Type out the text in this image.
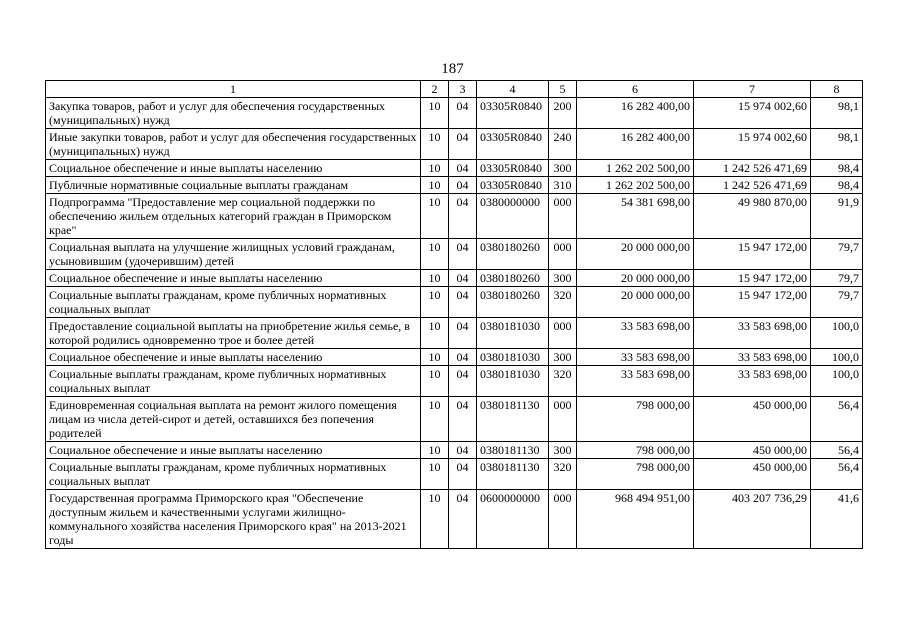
187
1	2	3	4	5	6	7	8
Закупка товаров, работ и услуг для обеспечения государственных (муниципальных) нужд	10	04	03305R0840	200	16 282 400,00	15 974 002,60	98,1
Иные закупки товаров, работ и услуг для обеспечения государственных (муниципальных) нужд	10	04	03305R0840	240	16 282 400,00	15 974 002,60	98,1
Социальное обеспечение и иные выплаты населению	10	04	03305R0840	300	1 262 202 500,00	1 242 526 471,69	98,4
Публичные нормативные социальные выплаты гражданам	10	04	03305R0840	310	1 262 202 500,00	1 242 526 471,69	98,4
Подпрограмма "Предоставление мер социальной поддержки по обеспечению жильем отдельных категорий граждан в Приморском крае"	10	04	0380000000	000	54 381 698,00	49 980 870,00	91,9
Социальная выплата на улучшение жилищных условий гражданам, усыновившим (удочерившим) детей	10	04	0380180260	000	20 000 000,00	15 947 172,00	79,7
Социальное обеспечение и иные выплаты населению	10	04	0380180260	300	20 000 000,00	15 947 172,00	79,7
Социальные выплаты гражданам, кроме публичных нормативных социальных выплат	10	04	0380180260	320	20 000 000,00	15 947 172,00	79,7
Предоставление социальной выплаты на приобретение жилья семье, в которой родились одновременно трое и более детей	10	04	0380181030	000	33 583 698,00	33 583 698,00	100,0
Социальное обеспечение и иные выплаты населению	10	04	0380181030	300	33 583 698,00	33 583 698,00	100,0
Социальные выплаты гражданам, кроме публичных нормативных социальных выплат	10	04	0380181030	320	33 583 698,00	33 583 698,00	100,0
Единовременная социальная выплата на ремонт жилого помещения лицам из числа детей-сирот и детей, оставшихся без попечения родителей	10	04	0380181130	000	798 000,00	450 000,00	56,4
Социальное обеспечение и иные выплаты населению	10	04	0380181130	300	798 000,00	450 000,00	56,4
Социальные выплаты гражданам, кроме публичных нормативных социальных выплат	10	04	0380181130	320	798 000,00	450 000,00	56,4
Государственная программа Приморского края "Обеспечение доступным жильем и качественными услугами жилищно-коммунального хозяйства населения Приморского края" на 2013-2021 годы	10	04	0600000000	000	968 494 951,00	403 207 736,29	41,6
